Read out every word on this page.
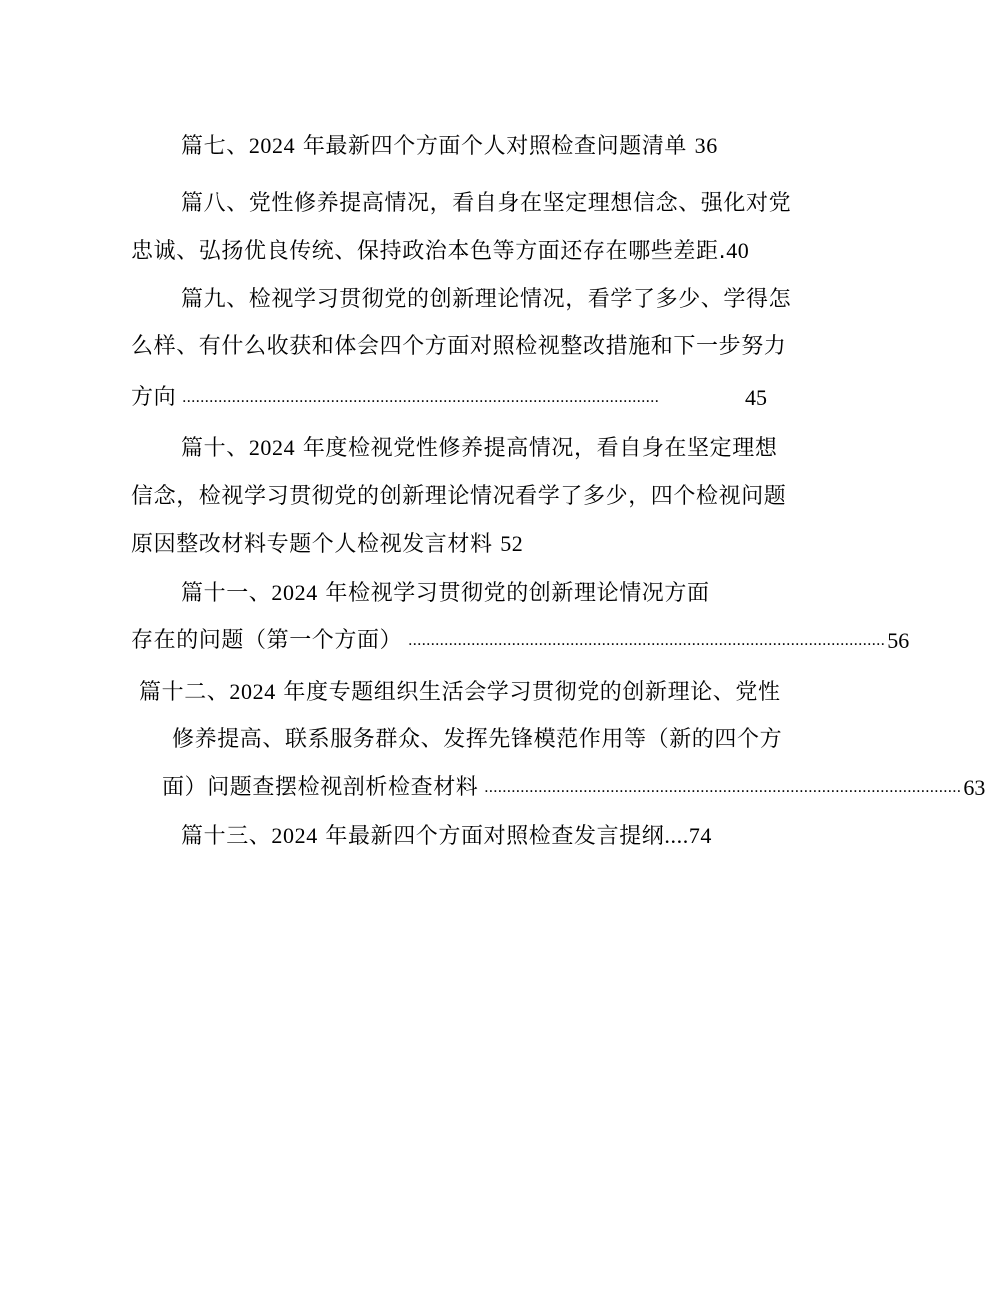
篇七、2024 年最新四个方面个人对照检查问题清单 36
篇八、党性修养提高情况，看自身在坚定理想信念、强化对党
忠诚、弘扬优良传统、保持政治本色等方面还存在哪些差距.40
篇九、检视学习贯彻党的创新理论情况，看学了多少、学得怎
么样、有什么收获和体会四个方面对照检视整改措施和下一步努力
方向 ..........................................................................................................	45
篇十、2024 年度检视党性修养提高情况，看自身在坚定理想
信念，检视学习贯彻党的创新理论情况看学了多少，四个检视问题
原因整改材料专题个人检视发言材料 52
篇十一、2024 年检视学习贯彻党的创新理论情况方面
存在的问题（第一个方面） .......................................................................................................... 56
篇十二、2024 年度专题组织生活会学习贯彻党的创新理论、党性
修养提高、联系服务群众、发挥先锋模范作用等（新的四个方
面）问题查摆检视剖析检查材料 .......................................................................................................... 63
篇十三、2024 年最新四个方面对照检查发言提纲....74
